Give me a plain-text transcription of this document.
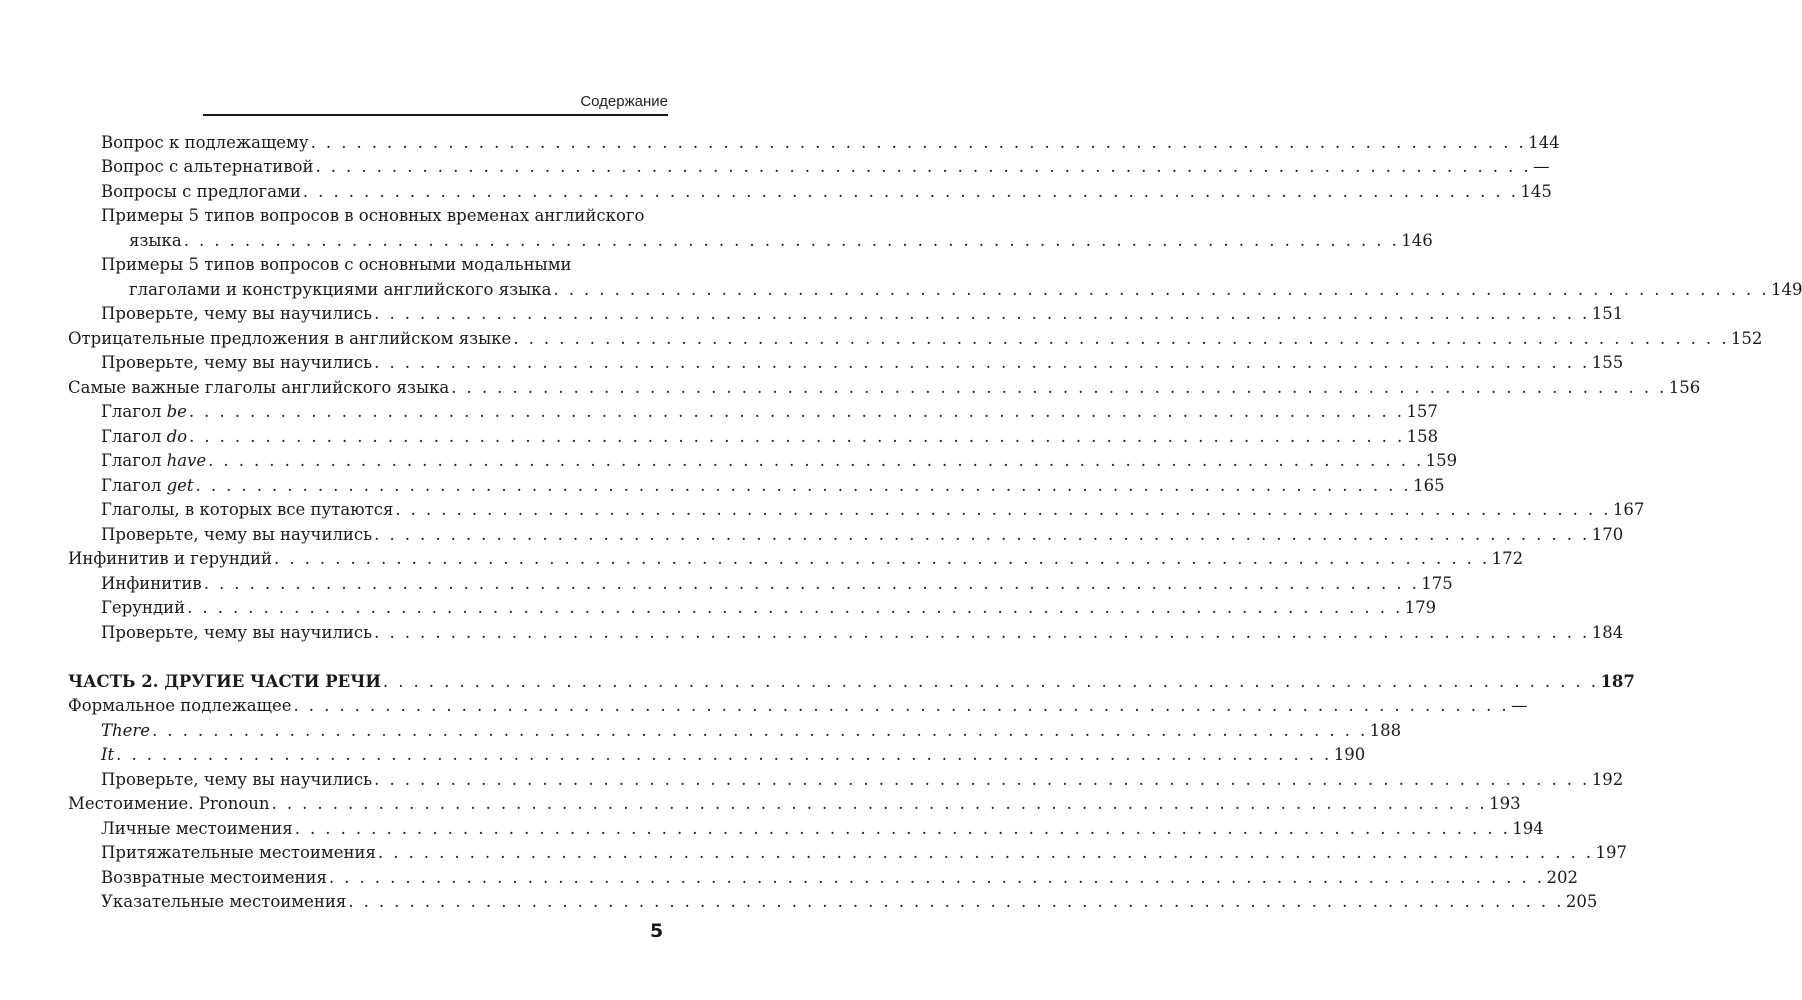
Содержание
Вопрос к подлежащему . . . . . . . . . . . . . . . . . . . . . . . . . . . . . . . . . . . . . . . . . . . . . . . . . . . . . . . . . . . . . . . . . . . . . . . . . . . . . . . . 144
Вопрос с альтернативой . . . . . . . . . . . . . . . . . . . . . . . . . . . . . . . . . . . . . . . . . . . . . . . . . . . . . . . . . . . . . . . . . . . . . . . . . . . . . . . . —
Вопросы с предлогами . . . . . . . . . . . . . . . . . . . . . . . . . . . . . . . . . . . . . . . . . . . . . . . . . . . . . . . . . . . . . . . . . . . . . . . . . . . . . . . . 145
Примеры 5 типов вопросов в основных временах английского
языка . . . . . . . . . . . . . . . . . . . . . . . . . . . . . . . . . . . . . . . . . . . . . . . . . . . . . . . . . . . . . . . . . . . . . . . . . . . . . . . . 146
Примеры 5 типов вопросов с основными модальными
глаголами и конструкциями английского языка . . . . . . . . . . . . . . . . . . . . . . . . . . . . . . . . . . . . . . . . . . . . . . . . . . . . . . . . . . . . . . . . . . . . . . . . . . . . . . . . 149
Проверьте, чему вы научились . . . . . . . . . . . . . . . . . . . . . . . . . . . . . . . . . . . . . . . . . . . . . . . . . . . . . . . . . . . . . . . . . . . . . . . . . . . . . . . . 151
Отрицательные предложения в английском языке . . . . . . . . . . . . . . . . . . . . . . . . . . . . . . . . . . . . . . . . . . . . . . . . . . . . . . . . . . . . . . . . . . . . . . . . . . . . . . . . 152
Проверьте, чему вы научились . . . . . . . . . . . . . . . . . . . . . . . . . . . . . . . . . . . . . . . . . . . . . . . . . . . . . . . . . . . . . . . . . . . . . . . . . . . . . . . . 155
Самые важные глаголы английского языка . . . . . . . . . . . . . . . . . . . . . . . . . . . . . . . . . . . . . . . . . . . . . . . . . . . . . . . . . . . . . . . . . . . . . . . . . . . . . . . . 156
Глагол be . . . . . . . . . . . . . . . . . . . . . . . . . . . . . . . . . . . . . . . . . . . . . . . . . . . . . . . . . . . . . . . . . . . . . . . . . . . . . . . . 157
Глагол do . . . . . . . . . . . . . . . . . . . . . . . . . . . . . . . . . . . . . . . . . . . . . . . . . . . . . . . . . . . . . . . . . . . . . . . . . . . . . . . . 158
Глагол have . . . . . . . . . . . . . . . . . . . . . . . . . . . . . . . . . . . . . . . . . . . . . . . . . . . . . . . . . . . . . . . . . . . . . . . . . . . . . . . . 159
Глагол get . . . . . . . . . . . . . . . . . . . . . . . . . . . . . . . . . . . . . . . . . . . . . . . . . . . . . . . . . . . . . . . . . . . . . . . . . . . . . . . . 165
Глаголы, в которых все путаются . . . . . . . . . . . . . . . . . . . . . . . . . . . . . . . . . . . . . . . . . . . . . . . . . . . . . . . . . . . . . . . . . . . . . . . . . . . . . . . . 167
Проверьте, чему вы научились . . . . . . . . . . . . . . . . . . . . . . . . . . . . . . . . . . . . . . . . . . . . . . . . . . . . . . . . . . . . . . . . . . . . . . . . . . . . . . . . 170
Инфинитив и герундий . . . . . . . . . . . . . . . . . . . . . . . . . . . . . . . . . . . . . . . . . . . . . . . . . . . . . . . . . . . . . . . . . . . . . . . . . . . . . . . . 172
Инфинитив . . . . . . . . . . . . . . . . . . . . . . . . . . . . . . . . . . . . . . . . . . . . . . . . . . . . . . . . . . . . . . . . . . . . . . . . . . . . . . . . 175
Герундий . . . . . . . . . . . . . . . . . . . . . . . . . . . . . . . . . . . . . . . . . . . . . . . . . . . . . . . . . . . . . . . . . . . . . . . . . . . . . . . . 179
Проверьте, чему вы научились . . . . . . . . . . . . . . . . . . . . . . . . . . . . . . . . . . . . . . . . . . . . . . . . . . . . . . . . . . . . . . . . . . . . . . . . . . . . . . . . 184
ЧАСТЬ 2. ДРУГИЕ ЧАСТИ РЕЧИ . . . . . . . . . . . . . . . . . . . . . . . . . . . . . . . . . . . . . . . . . . . . . . . . . . . . . . . . . . . . . . . . . . . . . . . . . . . . . . . . 187
Формальное подлежащее . . . . . . . . . . . . . . . . . . . . . . . . . . . . . . . . . . . . . . . . . . . . . . . . . . . . . . . . . . . . . . . . . . . . . . . . . . . . . . . . —
There . . . . . . . . . . . . . . . . . . . . . . . . . . . . . . . . . . . . . . . . . . . . . . . . . . . . . . . . . . . . . . . . . . . . . . . . . . . . . . . . 188
It . . . . . . . . . . . . . . . . . . . . . . . . . . . . . . . . . . . . . . . . . . . . . . . . . . . . . . . . . . . . . . . . . . . . . . . . . . . . . . . . 190
Проверьте, чему вы научились . . . . . . . . . . . . . . . . . . . . . . . . . . . . . . . . . . . . . . . . . . . . . . . . . . . . . . . . . . . . . . . . . . . . . . . . . . . . . . . . 192
Местоимение. Pronoun . . . . . . . . . . . . . . . . . . . . . . . . . . . . . . . . . . . . . . . . . . . . . . . . . . . . . . . . . . . . . . . . . . . . . . . . . . . . . . . . 193
Личные местоимения . . . . . . . . . . . . . . . . . . . . . . . . . . . . . . . . . . . . . . . . . . . . . . . . . . . . . . . . . . . . . . . . . . . . . . . . . . . . . . . . 194
Притяжательные местоимения . . . . . . . . . . . . . . . . . . . . . . . . . . . . . . . . . . . . . . . . . . . . . . . . . . . . . . . . . . . . . . . . . . . . . . . . . . . . . . . . 197
Возвратные местоимения . . . . . . . . . . . . . . . . . . . . . . . . . . . . . . . . . . . . . . . . . . . . . . . . . . . . . . . . . . . . . . . . . . . . . . . . . . . . . . . . 202
Указательные местоимения . . . . . . . . . . . . . . . . . . . . . . . . . . . . . . . . . . . . . . . . . . . . . . . . . . . . . . . . . . . . . . . . . . . . . . . . . . . . . . . . 205
5
